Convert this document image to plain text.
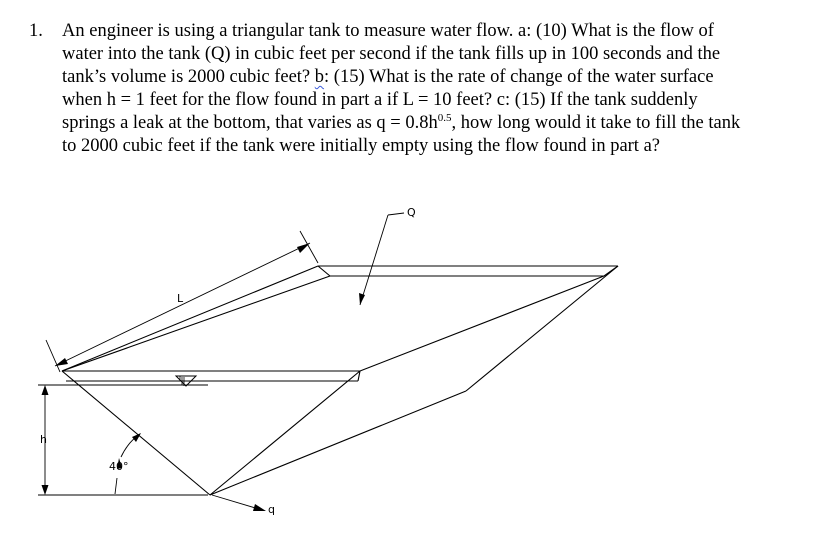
1. An engineer is using a triangular tank to measure water flow. a: (10) What is the flow of
water into the tank (Q) in cubic feet per second if the tank fills up in 100 seconds and the
tank’s volume is 2000 cubic feet? b: (15) What is the rate of change of the water surface
when h = 1 feet for the flow found in part a if L = 10 feet? c: (15) If the tank suddenly
springs a leak at the bottom, that varies as $q = 0.8h^{0.5}$, how long would it take to fill the tank
to 2000 cubic feet if the tank were initially empty using the flow found in part a?
Q
L
h
40°
q
